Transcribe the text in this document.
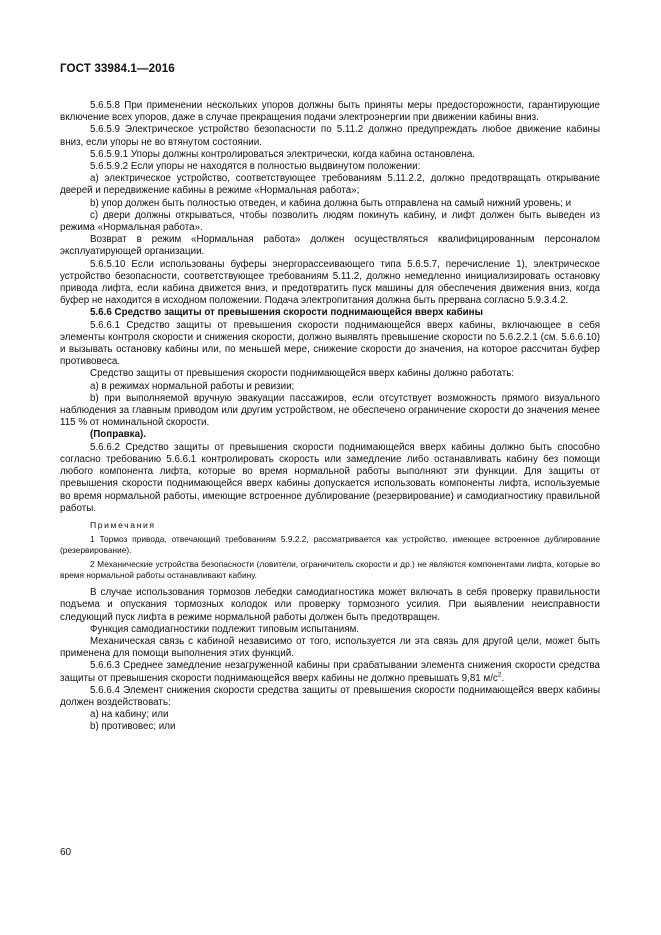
ГОСТ 33984.1—2016

5.6.5.8 При применении нескольких упоров должны быть приняты меры предосторожности, гарантирующие включение всех упоров, даже в случае прекращения подачи электроэнергии при движении кабины вниз.

5.6.5.9 Электрическое устройство безопасности по 5.11.2 должно предупреждать любое движение кабины вниз, если упоры не во втянутом состоянии.

5.6.5.9.1 Упоры должны контролироваться электрически, когда кабина остановлена.

5.6.5.9.2 Если упоры не находятся в полностью выдвинутом положении:

a) электрическое устройство, соответствующее требованиям 5.11.2.2, должно предотвращать открывание дверей и передвижение кабины в режиме «Нормальная работа»;

b) упор должен быть полностью отведен, и кабина должна быть отправлена на самый нижний уровень; и

c) двери должны открываться, чтобы позволить людям покинуть кабину, и лифт должен быть выведен из режима «Нормальная работа».

Возврат в режим «Нормальная работа» должен осуществляться квалифицированным персоналом эксплуатирующей организации.

5.6.5.10 Если использованы буферы энергорассеивающего типа 5.6.5.7, перечисление 1), электрическое устройство безопасности, соответствующее требованиям 5.11.2, должно немедленно инициализировать остановку привода лифта, если кабина движется вниз, и предотвратить пуск машины для обеспечения движения вниз, когда буфер не находится в исходном положении. Подача электропитания должна быть прервана согласно 5.9.3.4.2.

5.6.6 Средство защиты от превышения скорости поднимающейся вверх кабины

5.6.6.1 Средство защиты от превышения скорости поднимающейся вверх кабины, включающее в себя элементы контроля скорости и снижения скорости, должно выявлять превышение скорости по 5.6.2.2.1 (см. 5.6.6.10) и вызывать остановку кабины или, по меньшей мере, снижение скорости до значения, на которое рассчитан буфер противовеса.

Средство защиты от превышения скорости поднимающейся вверх кабины должно работать:

a) в режимах нормальной работы и ревизии;

b) при выполняемой вручную эвакуации пассажиров, если отсутствует возможность прямого визуального наблюдения за главным приводом или другим устройством, не обеспечено ограничение скорости до значения менее 115 % от номинальной скорости.

(Поправка).

5.6.6.2 Средство защиты от превышения скорости поднимающейся вверх кабины должно быть способно согласно требованию 5.6.6.1 контролировать скорость или замедление либо останавливать кабину без помощи любого компонента лифта, которые во время нормальной работы выполняют эти функции. Для защиты от превышения скорости поднимающейся вверх кабины допускается использовать компоненты лифта, используемые во время нормальной работы, имеющие встроенное дублирование (резервирование) и самодиагностику правильной работы.

Примечания
1 Тормоз привода, отвечающий требованиям 5.9.2.2, рассматривается как устройство, имеющее встроенное дублирование (резервирование).
2 Механические устройства безопасности (ловители, ограничитель скорости и др.) не являются компонентами лифта, которые во время нормальной работы останавливают кабину.

В случае использования тормозов лебедки самодиагностика может включать в себя проверку правильности подъема и опускания тормозных колодок или проверку тормозного усилия. При выявлении неисправности следующий пуск лифта в режиме нормальной работы должен быть предотвращен.

Функция самодиагностики подлежит типовым испытаниям.

Механическая связь с кабиной независимо от того, используется ли эта связь для другой цели, может быть применена для помощи выполнения этих функций.

5.6.6.3 Среднее замедление незагруженной кабины при срабатывании элемента снижения скорости средства защиты от превышения скорости поднимающейся вверх кабины не должно превышать 9,81 $м/с^2$.

5.6.6.4 Элемент снижения скорости средства защиты от превышения скорости поднимающейся вверх кабины должен воздействовать:

a) на кабину; или

b) противовес; или

60
